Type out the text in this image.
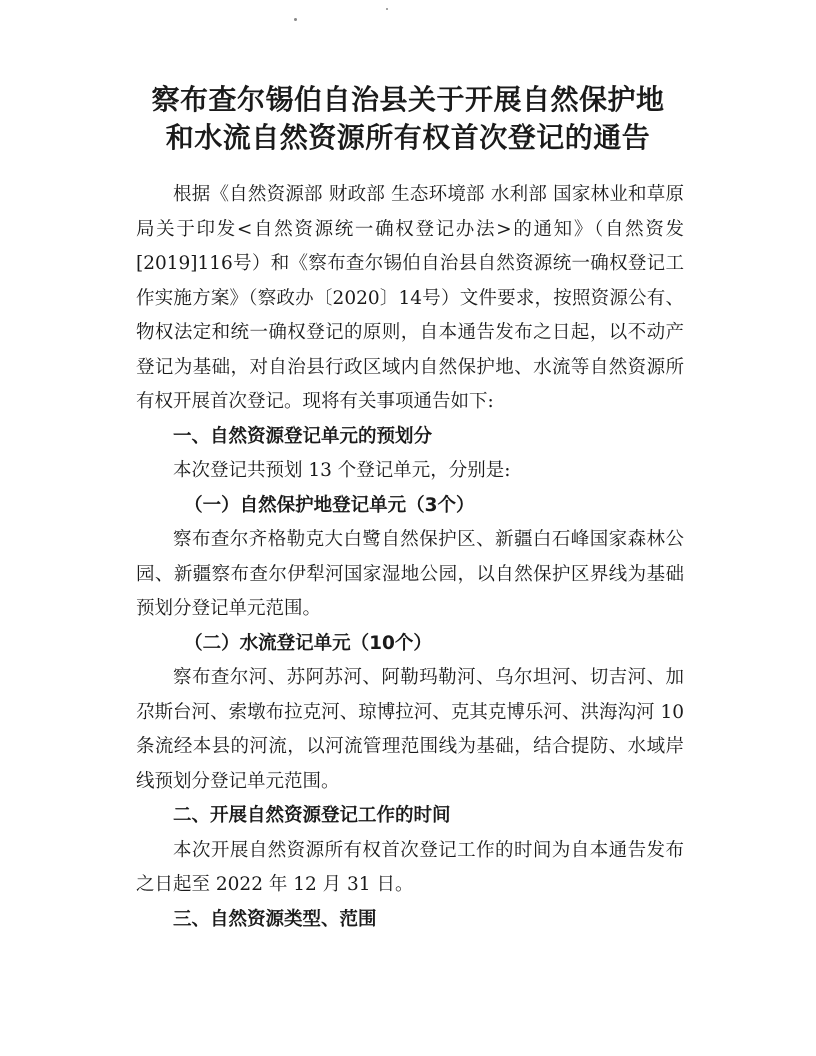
察布查尔锡伯自治县关于开展自然保护地
和水流自然资源所有权首次登记的通告

根据《自然资源部 财政部 生态环境部 水利部 国家林业和草原局关于印发<自然资源统一确权登记办法>的通知》（自然资发[2019]116号）和《察布查尔锡伯自治县自然资源统一确权登记工作实施方案》（察政办〔2020〕14号）文件要求，按照资源公有、物权法定和统一确权登记的原则，自本通告发布之日起，以不动产登记为基础，对自治县行政区域内自然保护地、水流等自然资源所有权开展首次登记。现将有关事项通告如下:

一、自然资源登记单元的预划分

本次登记共预划 13 个登记单元，分别是:

（一）自然保护地登记单元（3个）

察布查尔齐格勒克大白鹭自然保护区、新疆白石峰国家森林公园、新疆察布查尔伊犁河国家湿地公园，以自然保护区界线为基础预划分登记单元范围。

（二）水流登记单元（10个）

察布查尔河、苏阿苏河、阿勒玛勒河、乌尔坦河、切吉河、加尕斯台河、索墩布拉克河、琼博拉河、克其克博乐河、洪海沟河 10 条流经本县的河流，以河流管理范围线为基础，结合提防、水域岸线预划分登记单元范围。

二、开展自然资源登记工作的时间

本次开展自然资源所有权首次登记工作的时间为自本通告发布之日起至 2022 年 12 月 31 日。

三、自然资源类型、范围
